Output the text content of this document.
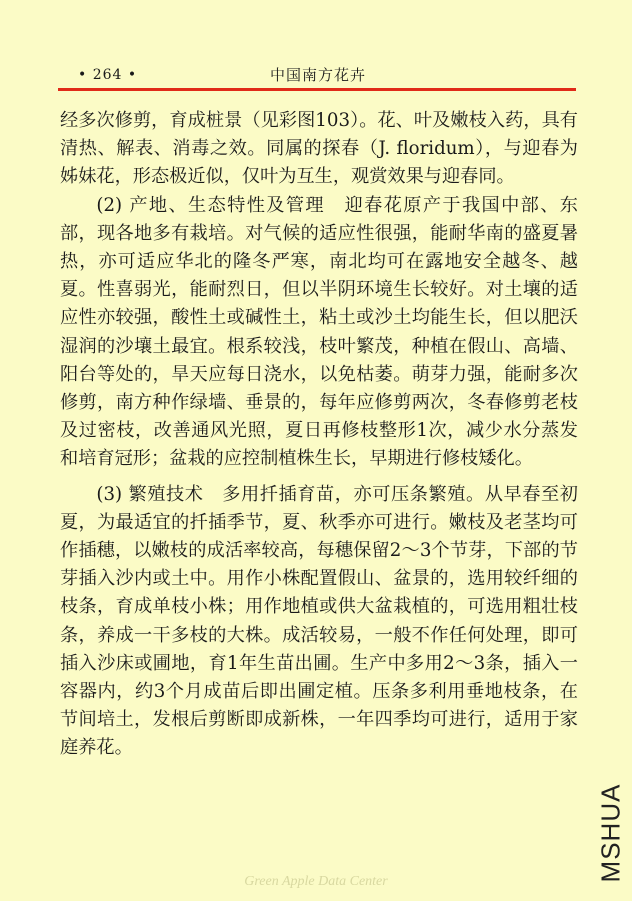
• 264 •	中国南方花卉

经多次修剪，育成桩景（见彩图103）。花、叶及嫩枝入药，具有清热、解表、消毒之效。同属的探春（J. floridum），与迎春为姊妹花，形态极近似，仅叶为互生，观赏效果与迎春同。

(2) 产地、生态特性及管理　迎春花原产于我国中部、东部，现各地多有栽培。对气候的适应性很强，能耐华南的盛夏暑热，亦可适应华北的隆冬严寒，南北均可在露地安全越冬、越夏。性喜弱光，能耐烈日，但以半阴环境生长较好。对土壤的适应性亦较强，酸性土或碱性土，粘土或沙土均能生长，但以肥沃湿润的沙壤土最宜。根系较浅，枝叶繁茂，种植在假山、高墙、阳台等处的，旱天应每日浇水，以免枯萎。萌芽力强，能耐多次修剪，南方种作绿墙、垂景的，每年应修剪两次，冬春修剪老枝及过密枝，改善通风光照，夏日再修枝整形1次，减少水分蒸发和培育冠形；盆栽的应控制植株生长，早期进行修枝矮化。

(3) 繁殖技术　多用扦插育苗，亦可压条繁殖。从早春至初夏，为最适宜的扦插季节，夏、秋季亦可进行。嫩枝及老茎均可作插穗，以嫩枝的成活率较高，每穗保留2～3个节芽，下部的节芽插入沙内或土中。用作小株配置假山、盆景的，选用较纤细的枝条，育成单枝小株；用作地植或供大盆栽植的，可选用粗壮枝条，养成一干多枝的大株。成活较易，一般不作任何处理，即可插入沙床或圃地，育1年生苗出圃。生产中多用2～3条，插入一容器内，约3个月成苗后即出圃定植。压条多利用垂地枝条，在节间培土，发根后剪断即成新株，一年四季均可进行，适用于家庭养花。

MSHUA
Green Apple Data Center
